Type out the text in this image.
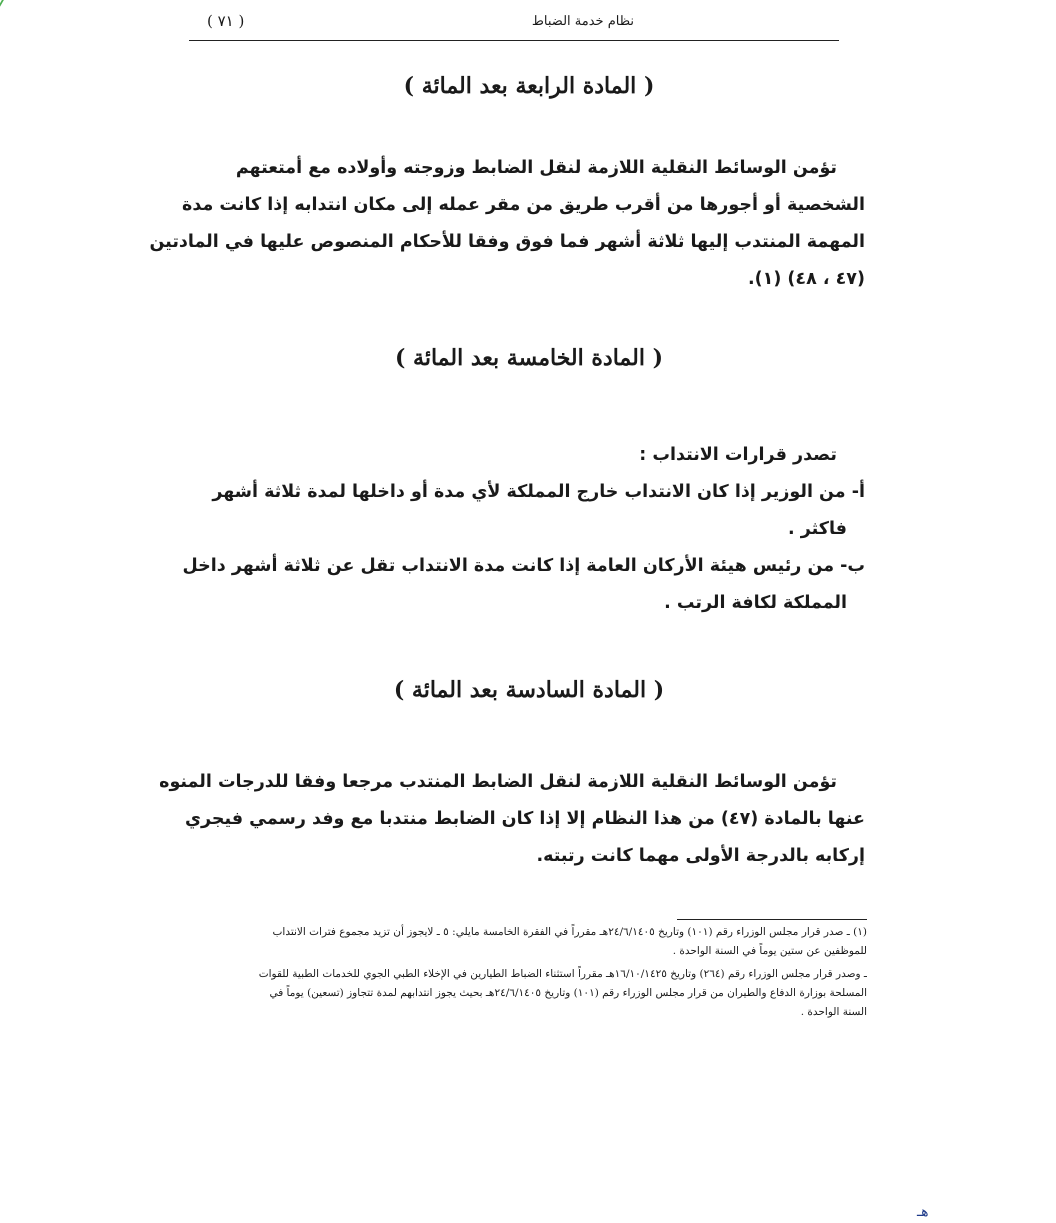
نظام خدمة الضباط
( ٧١ )
( المادة الرابعة بعد المائة )
تؤمن الوسائط النقلية اللازمة لنقل الضابط وزوجته وأولاده مع أمتعتهم
الشخصية أو أجورها من أقرب طريق من مقر عمله إلى مكان انتدابه إذا كانت مدة
المهمة المنتدب إليها ثلاثة أشهر فما فوق وفقا للأحكام المنصوص عليها في المادتين
(٤٧ ، ٤٨) (١).
( المادة الخامسة بعد المائة )
تصدر قرارات الانتداب :
أ- من الوزير إذا كان الانتداب خارج المملكة لأي مدة أو داخلها لمدة ثلاثة أشهر
فاكثر .
ب- من رئيس هيئة الأركان العامة إذا كانت مدة الانتداب تقل عن ثلاثة أشهر داخل
المملكة لكافة الرتب .
( المادة السادسة بعد المائة )
تؤمن الوسائط النقلية اللازمة لنقل الضابط المنتدب مرجعا وفقا للدرجات المنوه
عنها بالمادة (٤٧) من هذا النظام إلا إذا كان الضابط منتدبا مع وفد رسمي فيجري
إركابه بالدرجة الأولى مهما كانت رتبته.
(١) ـ صدر قرار مجلس الوزراء رقم (١٠١) وتاريخ ٢٤/٦/١٤٠٥هـ مقرراً في الفقرة الخامسة مايلي: ٥ ـ لايجوز أن تزيد مجموع فترات الانتداب
للموظفين عن ستين يوماً في السنة الواحدة .
ـ وصدر قرار مجلس الوزراء رقم (٢٦٤) وتاريخ ١٦/١٠/١٤٢٥هـ مقرراً استثناء الضباط الطيارين في الإخلاء الطبي الجوي للخدمات الطبية للقوات
المسلحة بوزارة الدفاع والطيران من قرار مجلس الوزراء رقم (١٠١) وتاريخ ٢٤/٦/١٤٠٥هـ بحيث يجوز انتدابهم لمدة تتجاوز (تسعين) يوماً في
السنة الواحدة .
هـ
